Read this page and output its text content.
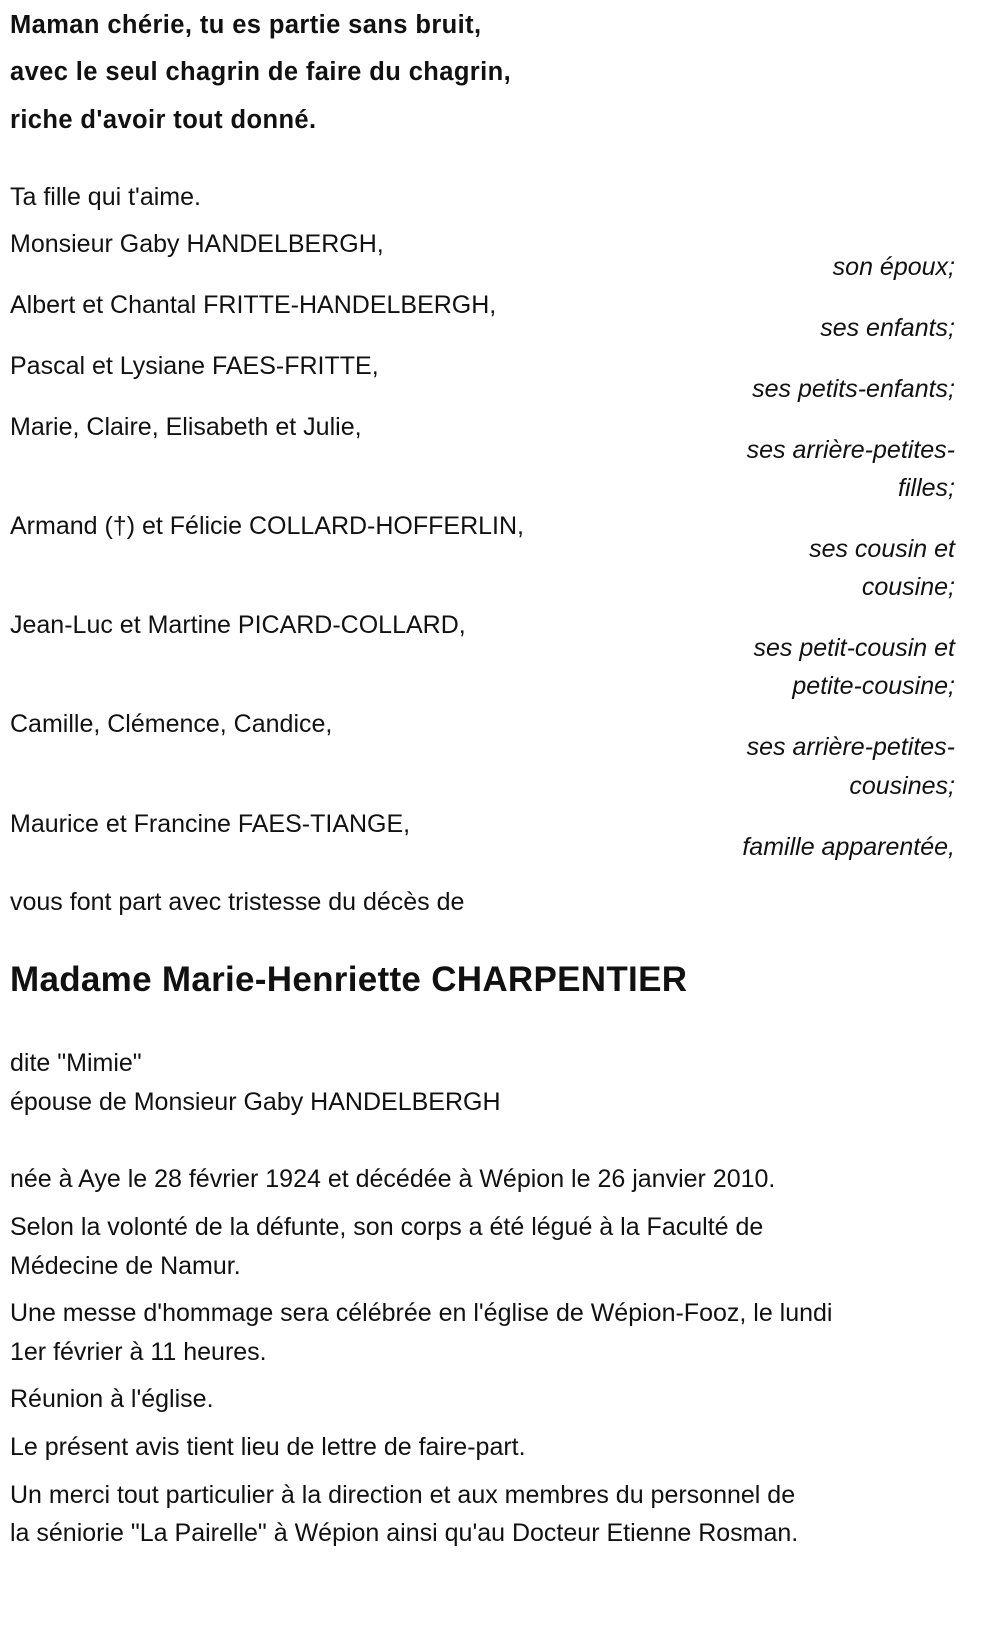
Maman chérie, tu es partie sans bruit,
avec le seul chagrin de faire du chagrin,
riche d'avoir tout donné.
Ta fille qui t'aime.
Monsieur Gaby HANDELBERGH,
son époux;
Albert et Chantal FRITTE-HANDELBERGH,
ses enfants;
Pascal et Lysiane FAES-FRITTE,
ses petits-enfants;
Marie, Claire, Elisabeth et Julie,
ses arrière-petites-
filles;
Armand (†) et Félicie COLLARD-HOFFERLIN,
ses cousin et
cousine;
Jean-Luc et Martine PICARD-COLLARD,
ses petit-cousin et
petite-cousine;
Camille, Clémence, Candice,
ses arrière-petites-
cousines;
Maurice et Francine FAES-TIANGE,
famille apparentée,
vous font part avec tristesse du décès de
Madame Marie-Henriette CHARPENTIER
dite "Mimie"
épouse de Monsieur Gaby HANDELBERGH
née à Aye le 28 février 1924 et décédée à Wépion le 26 janvier 2010.
Selon la volonté de la défunte, son corps a été légué à la Faculté de
Médecine de Namur.
Une messe d'hommage sera célébrée en l'église de Wépion-Fooz, le lundi
1er février à 11 heures.
Réunion à l'église.
Le présent avis tient lieu de lettre de faire-part.
Un merci tout particulier à la direction et aux membres du personnel de
la séniorie "La Pairelle" à Wépion ainsi qu'au Docteur Etienne Rosman.
